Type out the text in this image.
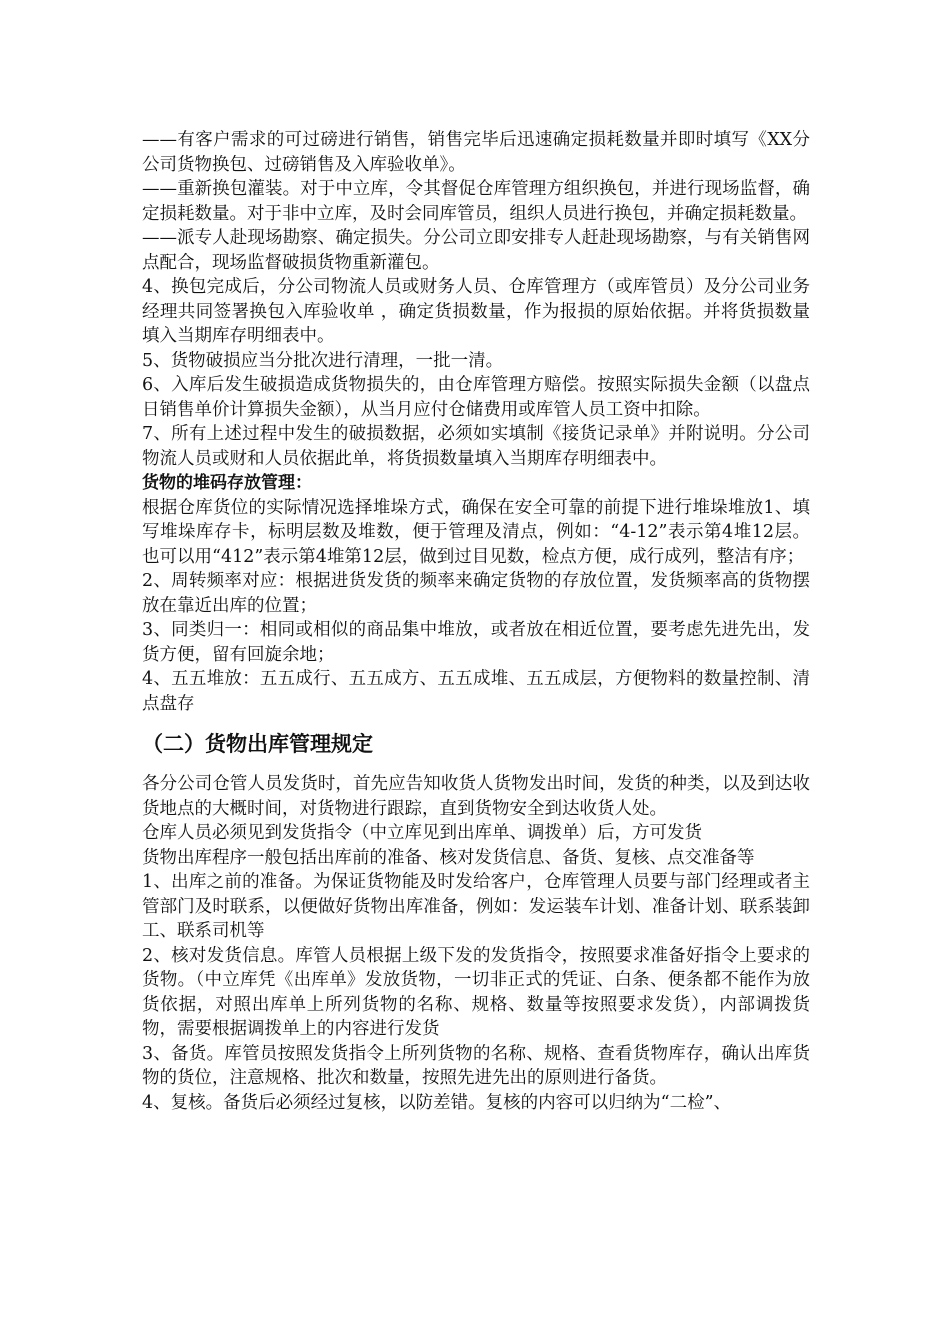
——有客户需求的可过磅进行销售，销售完毕后迅速确定损耗数量并即时填写《XX分公司货物换包、过磅销售及入库验收单》。

——重新换包灌装。对于中立库，令其督促仓库管理方组织换包，并进行现场监督，确定损耗数量。对于非中立库，及时会同库管员，组织人员进行换包，并确定损耗数量。

——派专人赴现场勘察、确定损失。分公司立即安排专人赶赴现场勘察，与有关销售网点配合，现场监督破损货物重新灌包。

4、换包完成后，分公司物流人员或财务人员、仓库管理方（或库管员）及分公司业务经理共同签署换包入库验收单 ，确定货损数量，作为报损的原始依据。并将货损数量填入当期库存明细表中。

5、货物破损应当分批次进行清理，一批一清。

6、入库后发生破损造成货物损失的，由仓库管理方赔偿。按照实际损失金额（以盘点日销售单价计算损失金额），从当月应付仓储费用或库管人员工资中扣除。

7、所有上述过程中发生的破损数据，必须如实填制《接货记录单》并附说明。分公司物流人员或财和人员依据此单，将货损数量填入当期库存明细表中。

货物的堆码存放管理：

根据仓库货位的实际情况选择堆垛方式，确保在安全可靠的前提下进行堆垛堆放1、填写堆垛库存卡，标明层数及堆数，便于管理及清点，例如：“4-12”表示第4堆12层。也可以用“412”表示第4堆第12层，做到过目见数，检点方便，成行成列，整洁有序；

2、周转频率对应：根据进货发货的频率来确定货物的存放位置，发货频率高的货物摆放在靠近出库的位置；

3、同类归一：相同或相似的商品集中堆放，或者放在相近位置，要考虑先进先出，发货方便，留有回旋余地；

4、五五堆放：五五成行、五五成方、五五成堆、五五成层，方便物料的数量控制、清点盘存

（二）货物出库管理规定

各分公司仓管人员发货时，首先应告知收货人货物发出时间，发货的种类，以及到达收货地点的大概时间，对货物进行跟踪，直到货物安全到达收货人处。

仓库人员必须见到发货指令（中立库见到出库单、调拨单）后，方可发货

货物出库程序一般包括出库前的准备、核对发货信息、备货、复核、点交准备等

1、出库之前的准备。为保证货物能及时发给客户，仓库管理人员要与部门经理或者主管部门及时联系，以便做好货物出库准备，例如：发运装车计划、准备计划、联系装卸工、联系司机等

2、核对发货信息。库管人员根据上级下发的发货指令，按照要求准备好指令上要求的货物。（中立库凭《出库单》发放货物，一切非正式的凭证、白条、便条都不能作为放货依据，对照出库单上所列货物的名称、规格、数量等按照要求发货），内部调拨货物，需要根据调拨单上的内容进行发货

3、备货。库管员按照发货指令上所列货物的名称、规格、查看货物库存，确认出库货物的货位，注意规格、批次和数量，按照先进先出的原则进行备货。

4、复核。备货后必须经过复核，以防差错。复核的内容可以归纳为“二检”、
